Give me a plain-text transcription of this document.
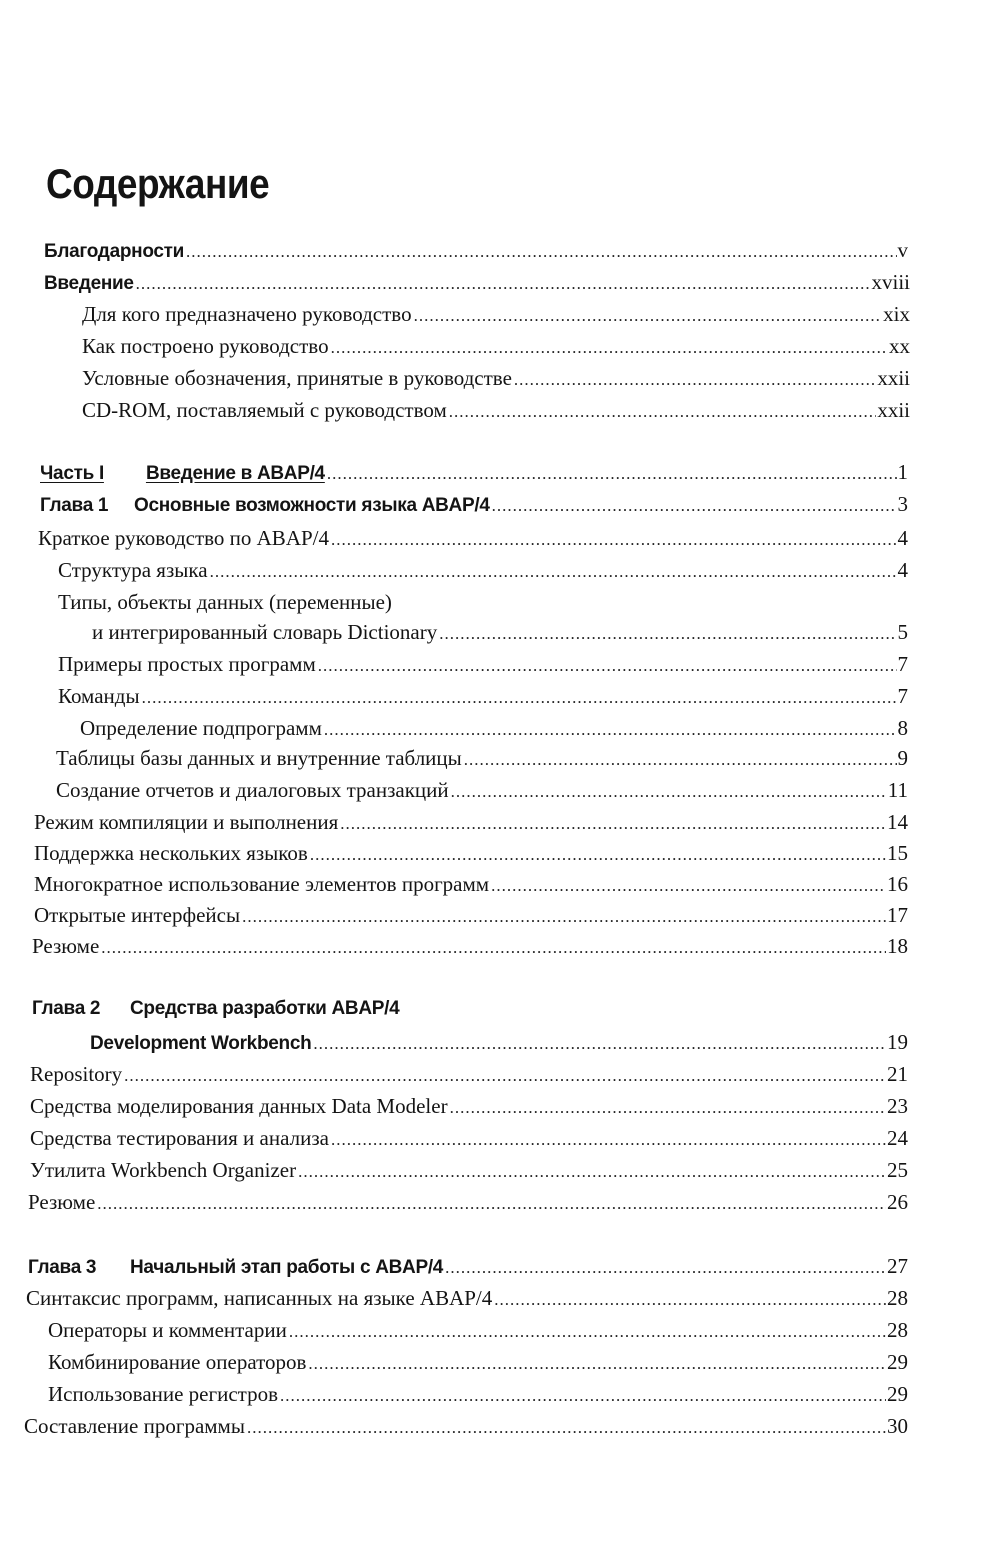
Содержание
Благодарности .....	v
Введение .....	xviii
Для кого предназначено руководство .....	xix
Как построено руководство .....	xx
Условные обозначения, принятые в руководстве .....	xxii
CD-ROM, поставляемый с руководством .....	xxii
Часть I Введение в ABAP/4 .....	1
Глава 1	Основные возможности языка ABAP/4 .....	3
Краткое руководство по ABAP/4 .....	4
Структура языка .....	4
Типы, объекты данных (переменные)
и интегрированный словарь Dictionary .....	5
Примеры простых программ .....	7
Команды .....	7
Определение подпрограмм .....	8
Таблицы базы данных и внутренние таблицы .....	9
Создание отчетов и диалоговых транзакций .....	11
Режим компиляции и выполнения .....	14
Поддержка нескольких языков .....	15
Многократное использование элементов программ .....	16
Открытые интерфейсы .....	17
Резюме .....	18
Глава 2	Средства разработки ABAP/4
Development Workbench .....	19
Repository .....	21
Средства моделирования данных Data Modeler .....	23
Средства тестирования и анализа .....	24
Утилита Workbench Organizer .....	25
Резюме .....	26
Глава 3	Начальный этап работы с ABAP/4 .....	27
Синтаксис программ, написанных на языке ABAP/4 .....	28
Операторы и комментарии .....	28
Комбинирование операторов .....	29
Использование регистров .....	29
Составление программы .....	30
